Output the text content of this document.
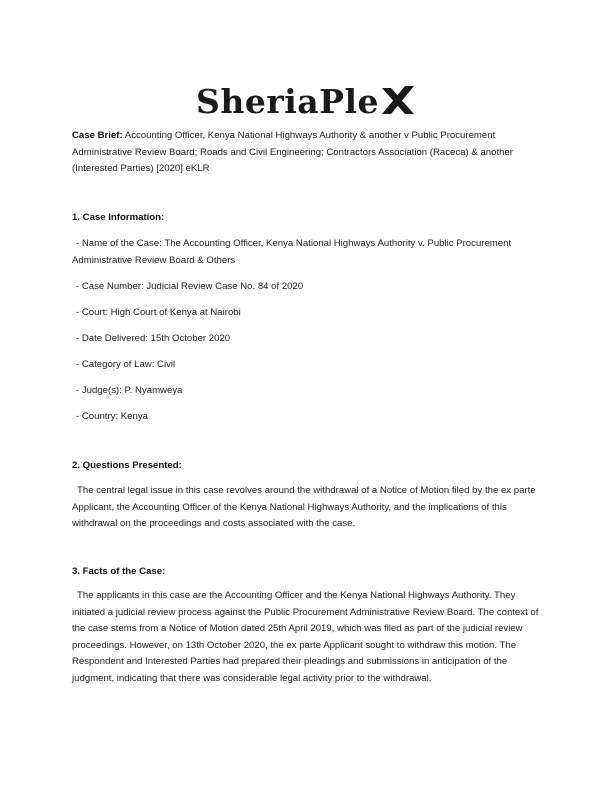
SheriaPle
Case Brief: Accounting Officer, Kenya National Highways Authority & another v Public Procurement Administrative Review Board; Roads and Civil Engineering; Contractors Association (Raceca) & another (Interested Parties) [2020] eKLR
1. Case Information:
- Name of the Case: The Accounting Officer, Kenya National Highways Authority v. Public Procurement Administrative Review Board & Others
- Case Number: Judicial Review Case No. 84 of 2020
- Court: High Court of Kenya at Nairobi
- Date Delivered: 15th October 2020
- Category of Law: Civil
- Judge(s): P. Nyamweya
- Country: Kenya
2. Questions Presented:
The central legal issue in this case revolves around the withdrawal of a Notice of Motion filed by the ex parte Applicant, the Accounting Officer of the Kenya National Highways Authority, and the implications of this withdrawal on the proceedings and costs associated with the case.
3. Facts of the Case:
The applicants in this case are the Accounting Officer and the Kenya National Highways Authority. They initiated a judicial review process against the Public Procurement Administrative Review Board. The context of the case stems from a Notice of Motion dated 25th April 2019, which was filed as part of the judicial review proceedings. However, on 13th October 2020, the ex parte Applicant sought to withdraw this motion. The Respondent and Interested Parties had prepared their pleadings and submissions in anticipation of the judgment, indicating that there was considerable legal activity prior to the withdrawal.
